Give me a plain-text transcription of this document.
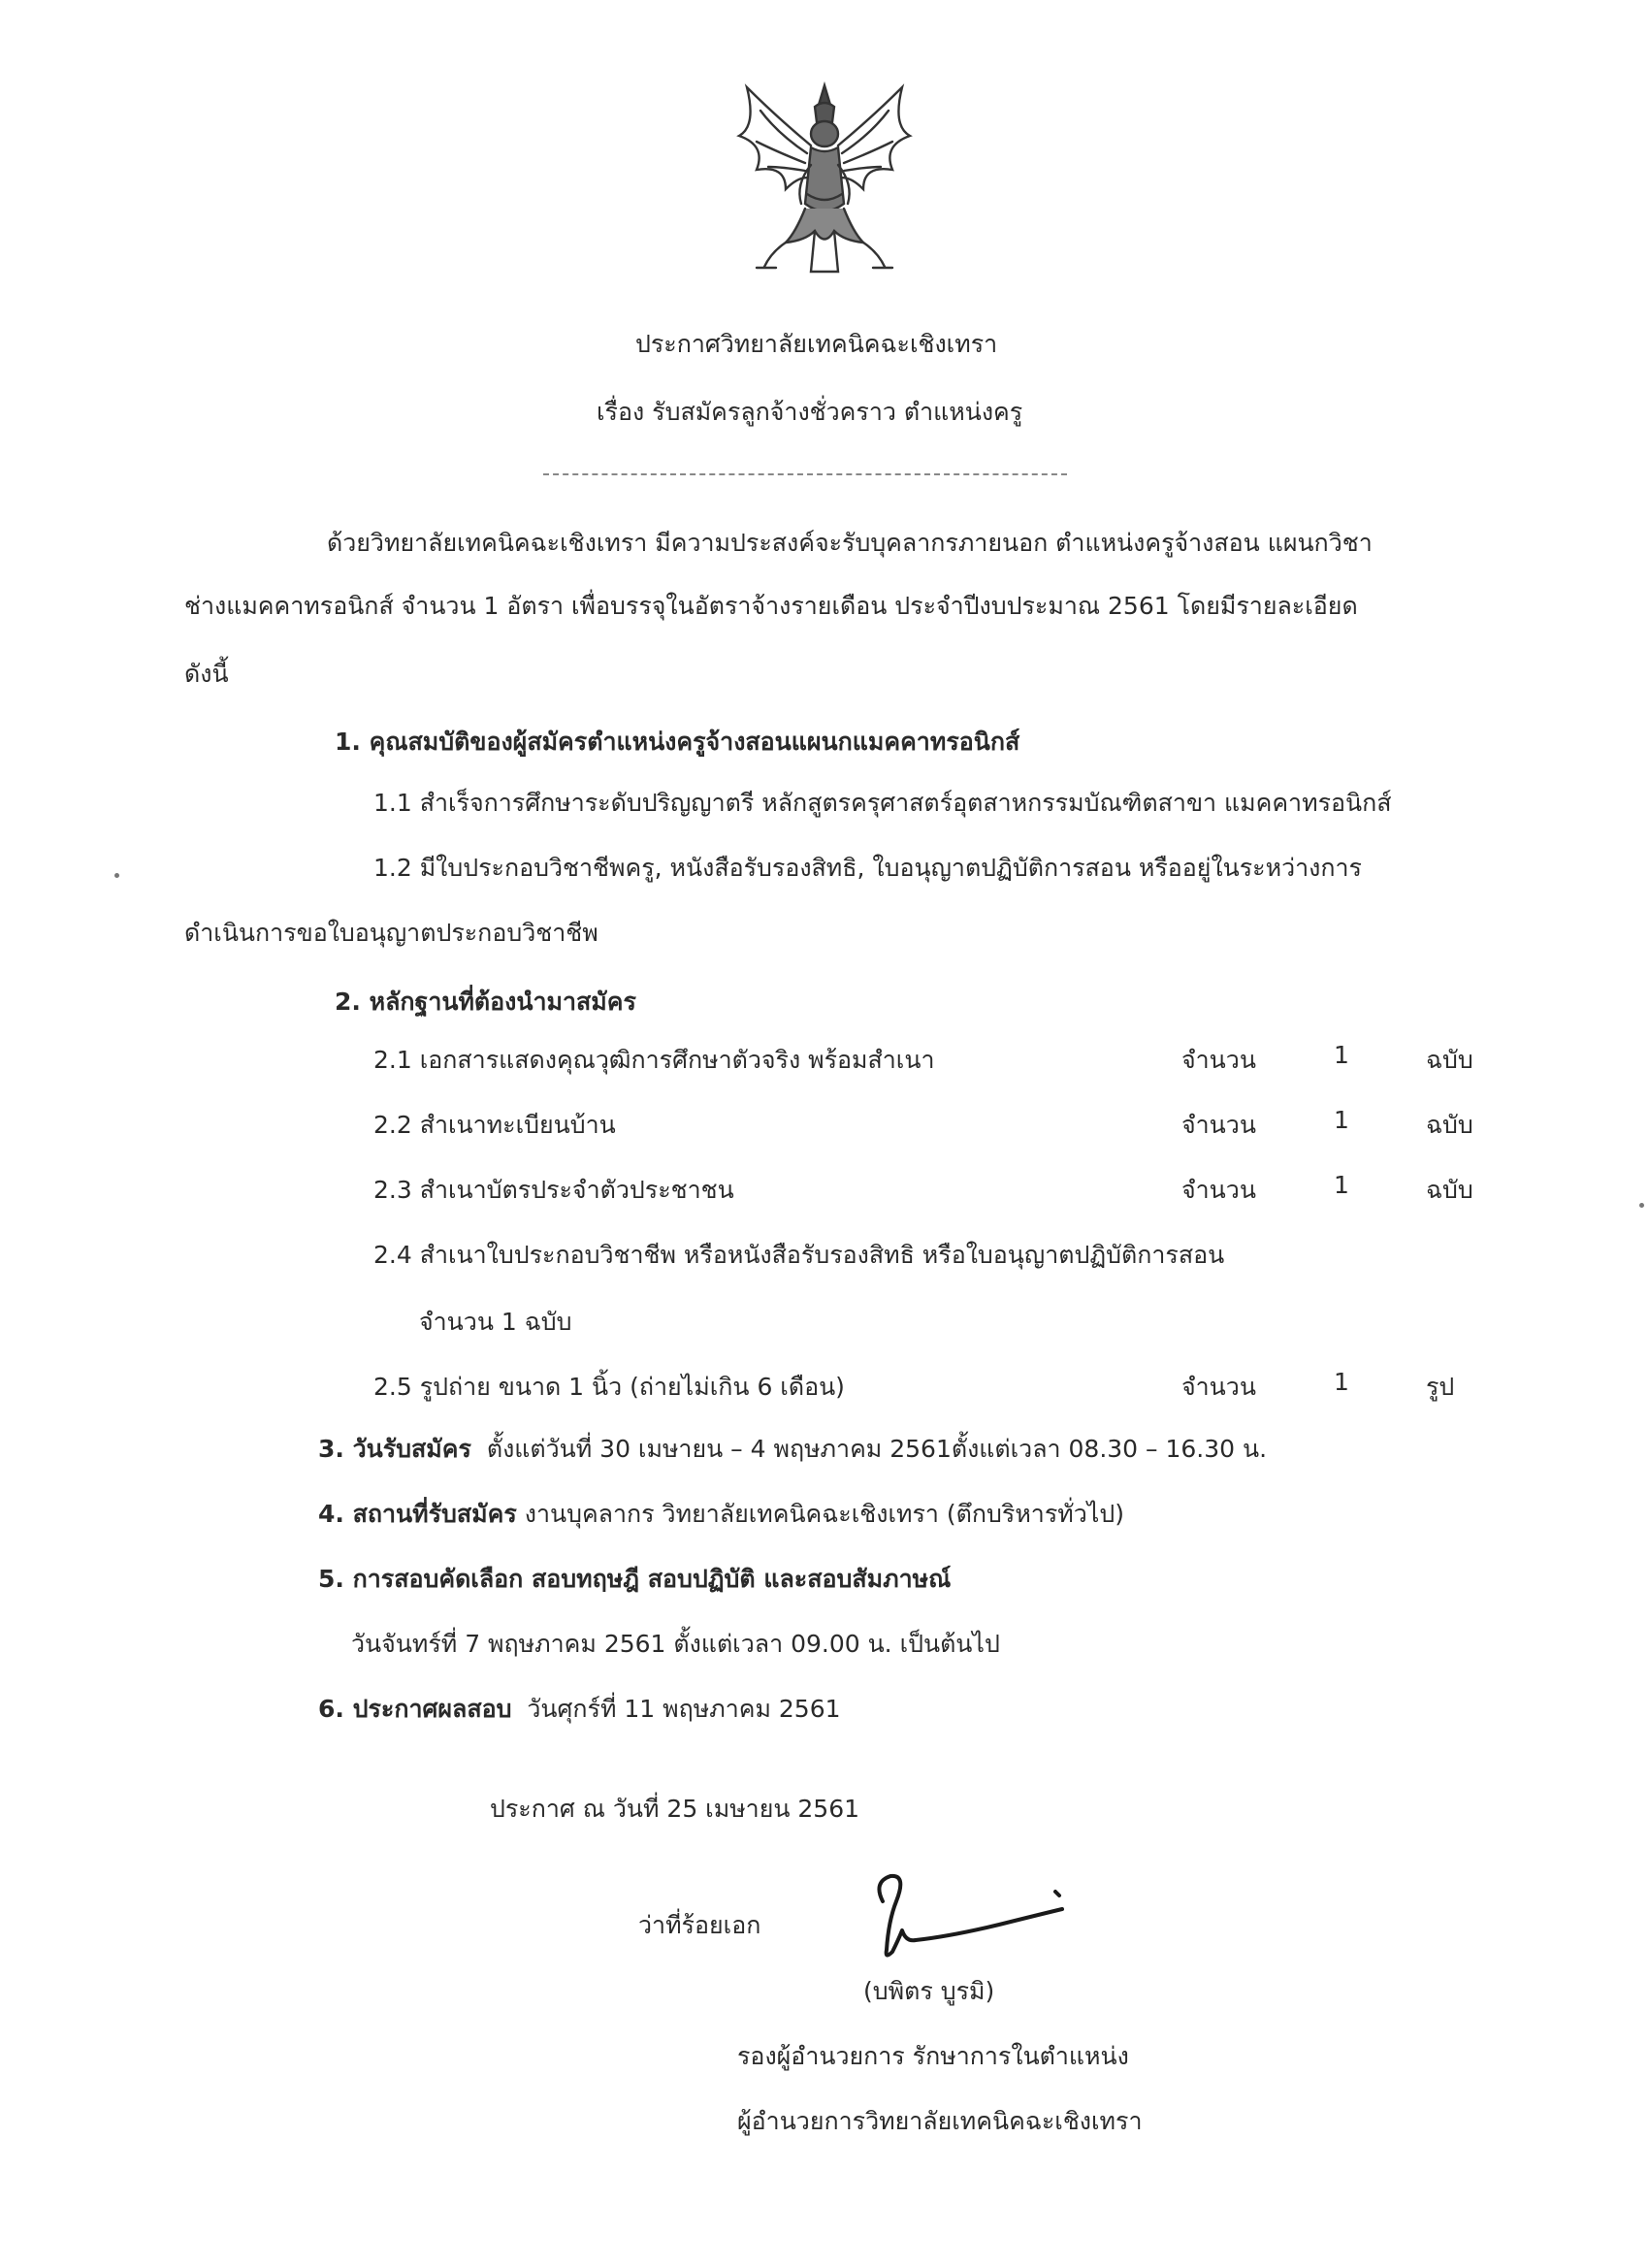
ประกาศวิทยาลัยเทคนิคฉะเชิงเทรา
เรื่อง รับสมัครลูกจ้างชั่วคราว ตำแหน่งครู
ด้วยวิทยาลัยเทคนิคฉะเชิงเทรา มีความประสงค์จะรับบุคลากรภายนอก ตำแหน่งครูจ้างสอน แผนกวิชา
ช่างแมคคาทรอนิกส์ จำนวน 1 อัตรา เพื่อบรรจุในอัตราจ้างรายเดือน ประจำปีงบประมาณ 2561 โดยมีรายละเอียด
ดังนี้
1. คุณสมบัติของผู้สมัครตำแหน่งครูจ้างสอนแผนกแมคคาทรอนิกส์
1.1 สำเร็จการศึกษาระดับปริญญาตรี หลักสูตรครุศาสตร์อุตสาหกรรมบัณฑิตสาขา แมคคาทรอนิกส์
1.2 มีใบประกอบวิชาชีพครู, หนังสือรับรองสิทธิ, ใบอนุญาตปฏิบัติการสอน หรืออยู่ในระหว่างการ
ดำเนินการขอใบอนุญาตประกอบวิชาชีพ
2. หลักฐานที่ต้องนำมาสมัคร
2.1 เอกสารแสดงคุณวุฒิการศึกษาตัวจริง พร้อมสำเนา	จำนวน	1	ฉบับ
2.2 สำเนาทะเบียนบ้าน	จำนวน	1	ฉบับ
2.3 สำเนาบัตรประจำตัวประชาชน	จำนวน	1	ฉบับ
2.4 สำเนาใบประกอบวิชาชีพ หรือหนังสือรับรองสิทธิ หรือใบอนุญาตปฏิบัติการสอน
จำนวน 1 ฉบับ
2.5 รูปถ่าย ขนาด 1 นิ้ว (ถ่ายไม่เกิน 6 เดือน)	จำนวน	1	รูป
3. วันรับสมัคร ตั้งแต่วันที่ 30 เมษายน – 4 พฤษภาคม 2561ตั้งแต่เวลา 08.30 – 16.30 น.
4. สถานที่รับสมัคร งานบุคลากร วิทยาลัยเทคนิคฉะเชิงเทรา (ตึกบริหารทั่วไป)
5. การสอบคัดเลือก สอบทฤษฎี สอบปฏิบัติ และสอบสัมภาษณ์
วันจันทร์ที่ 7 พฤษภาคม 2561 ตั้งแต่เวลา 09.00 น. เป็นต้นไป
6. ประกาศผลสอบ วันศุกร์ที่ 11 พฤษภาคม 2561
ประกาศ ณ วันที่ 25 เมษายน 2561
ว่าที่ร้อยเอก
(บพิตร บูรมิ)
รองผู้อำนวยการ รักษาการในตำแหน่ง
ผู้อำนวยการวิทยาลัยเทคนิคฉะเชิงเทรา
